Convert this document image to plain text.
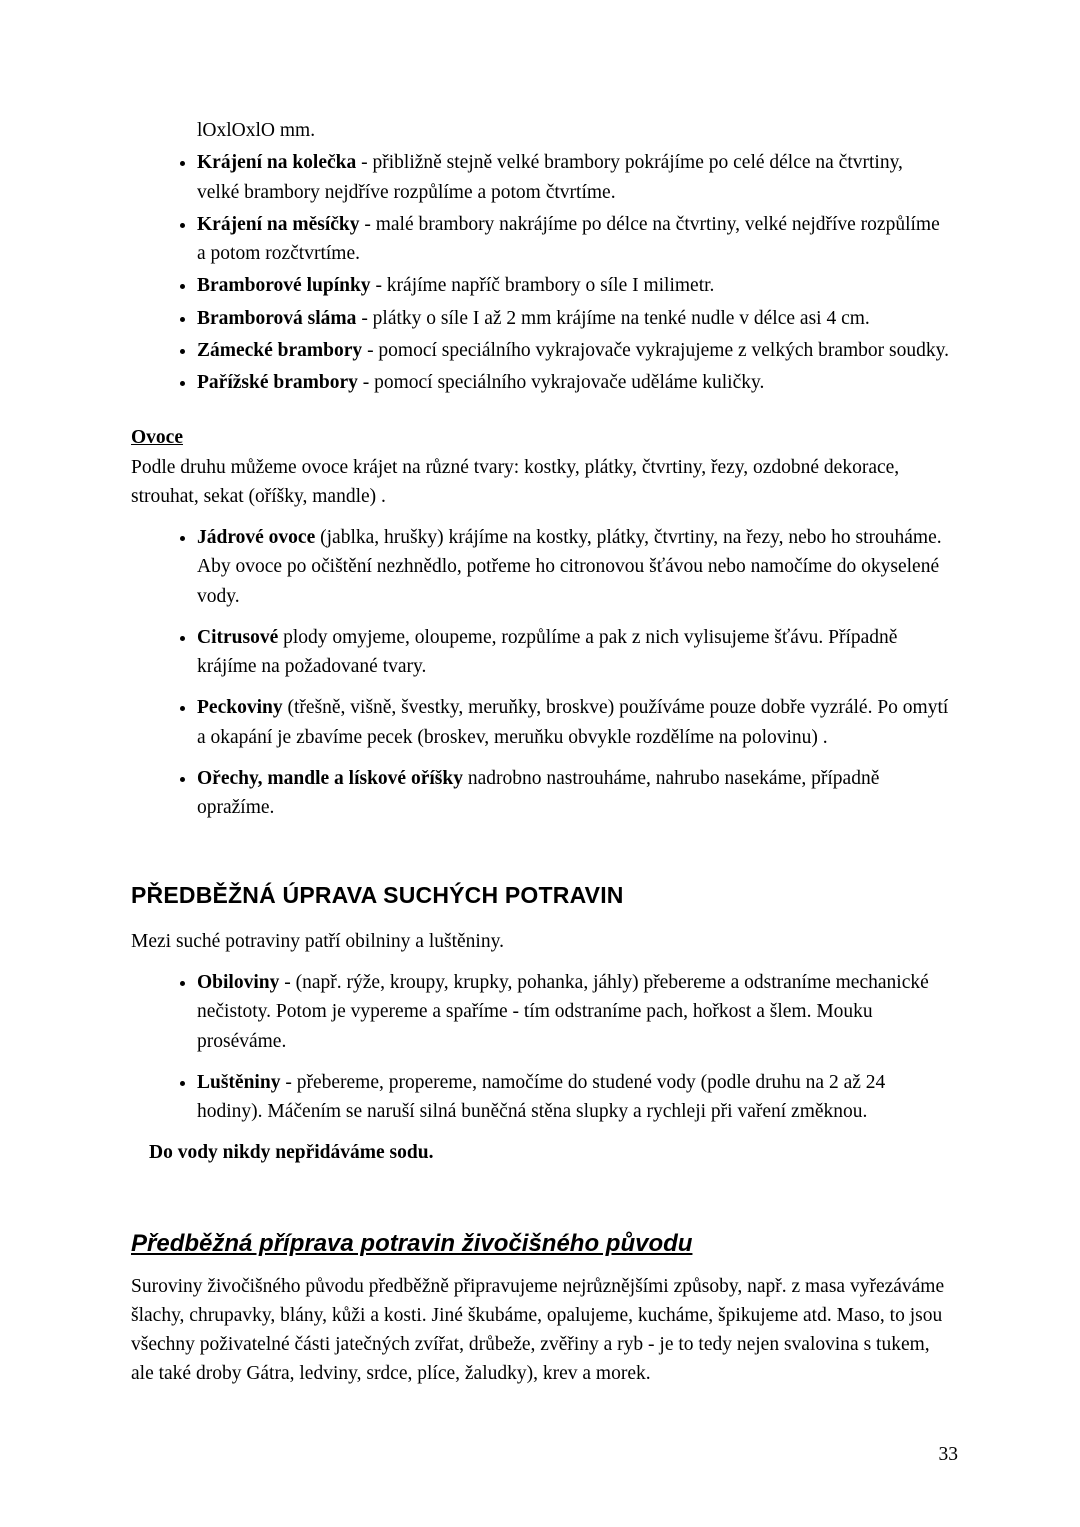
lOxlOxlO mm.
• Krájení na kolečka - přibližně stejně velké brambory pokrájíme po celé délce na čtvrtiny, velké brambory nejdříve rozpůlíme a potom čtvrtíme.
• Krájení na měsíčky - malé brambory nakrájíme po délce na čtvrtiny, velké nejdříve rozpůlíme a potom rozčtvrtíme.
• Bramborové lupínky - krájíme napříč brambory o síle I milimetr.
• Bramborová sláma - plátky o síle I až 2 mm krájíme na tenké nudle v délce asi 4 cm.
• Zámecké brambory - pomocí speciálního vykrajovače vykrajujeme z velkých brambor soudky.
• Pařížské brambory - pomocí speciálního vykrajovače uděláme kuličky.
Ovoce

Podle druhu můžeme ovoce krájet na různé tvary: kostky, plátky, čtvrtiny, řezy, ozdobné dekorace, strouhat, sekat (oříšky, mandle) .

• Jádrové ovoce (jablka, hrušky) krájíme na kostky, plátky, čtvrtiny, na řezy, nebo ho strouháme. Aby ovoce po očištění nezhnědlo, potřeme ho citronovou šťávou nebo namočíme do okyselené vody.
• Citrusové plody omyjeme, oloupeme, rozpůlíme a pak z nich vylisujeme šťávu. Případně krájíme na požadované tvary.
• Peckoviny (třešně, višně, švestky, meruňky, broskve) používáme pouze dobře vyzrálé. Po omytí a okapání je zbavíme pecek (broskev, meruňku obvykle rozdělíme na polovinu) .
• Ořechy, mandle a lískové oříšky nadrobno nastrouháme, nahrubo nasekáme, případně opražíme.
PŘEDBĚŽNÁ ÚPRAVA SUCHÝCH POTRAVIN

Mezi suché potraviny patří obilniny a luštěniny.

• Obiloviny - (např. rýže, kroupy, krupky, pohanka, jáhly) přebereme a odstraníme mechanické nečistoty. Potom je vypereme a spaříme - tím odstraníme pach, hořkost a šlem. Mouku proséváme.
• Luštěniny - přebereme, propereme, namočíme do studené vody (podle druhu na 2 až 24 hodiny). Máčením se naruší silná buněčná stěna slupky a rychleji při vaření změknou.

Do vody nikdy nepřidáváme sodu.

Předběžná příprava potravin živočišného původu

Suroviny živočišného původu předběžně připravujeme nejrůznějšími způsoby, např. z masa vyřezáváme šlachy, chrupavky, blány, kůži a kosti. Jiné škubáme, opalujeme, kucháme, špikujeme atd. Maso, to jsou všechny poživatelné části jatečných zvířat, drůbeže, zvěřiny a ryb - je to tedy nejen svalovina s tukem, ale také droby Gátra, ledviny, srdce, plíce, žaludky), krev a morek.

33
